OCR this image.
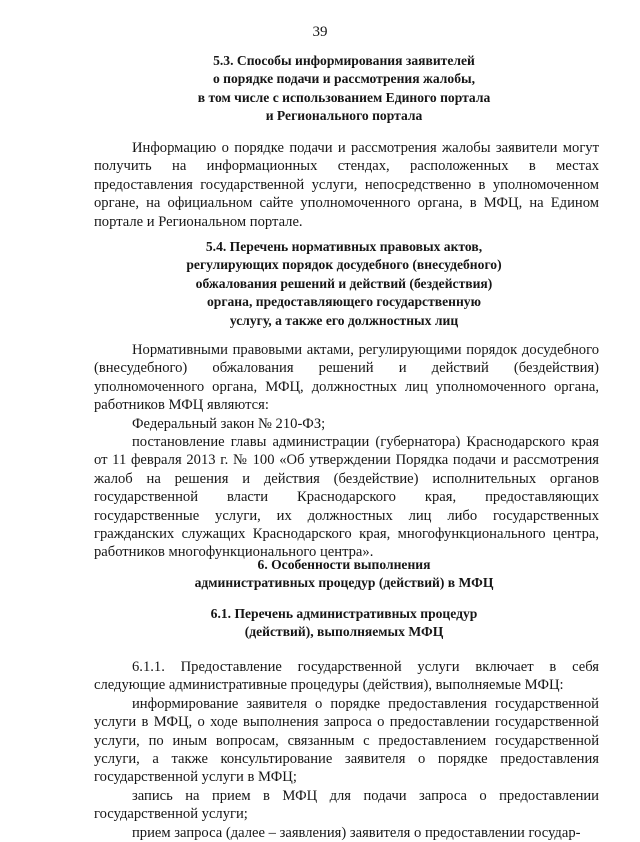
39
5.3. Способы информирования заявителей
о порядке подачи и рассмотрения жалобы,
в том числе с использованием Единого портала
и Регионального портала

Информацию о порядке подачи и рассмотрения жалобы заявители могут получить на информационных стендах, расположенных в местах предоставления государственной услуги, непосредственно в уполномоченном органе, на официальном сайте уполномоченного органа, в МФЦ, на Едином портале и Региональном портале.

5.4. Перечень нормативных правовых актов,
регулирующих порядок досудебного (внесудебного)
обжалования решений и действий (бездействия)
органа, предоставляющего государственную
услугу, а также его должностных лиц

Нормативными правовыми актами, регулирующими порядок досудебного (внесудебного) обжалования решений и действий (бездействия) уполномоченного органа, МФЦ, должностных лиц уполномоченного органа, работников МФЦ являются:

Федеральный закон № 210-ФЗ;

постановление главы администрации (губернатора) Краснодарского края от 11 февраля 2013 г. № 100 «Об утверждении Порядка подачи и рассмотрения жалоб на решения и действия (бездействие) исполнительных органов государственной власти Краснодарского края, предоставляющих государственные услуги, их должностных лиц либо государственных гражданских служащих Краснодарского края, многофункционального центра, работников многофункционального центра».

6. Особенности выполнения
административных процедур (действий) в МФЦ
6.1. Перечень административных процедур
(действий), выполняемых МФЦ

6.1.1. Предоставление государственной услуги включает в себя следующие административные процедуры (действия), выполняемые МФЦ:

информирование заявителя о порядке предоставления государственной услуги в МФЦ, о ходе выполнения запроса о предоставлении государственной услуги, по иным вопросам, связанным с предоставлением государственной услуги, а также консультирование заявителя о порядке предоставления государственной услуги в МФЦ;

запись на прием в МФЦ для подачи запроса о предоставлении государственной услуги;

прием запроса (далее – заявления) заявителя о предоставлении государ-
